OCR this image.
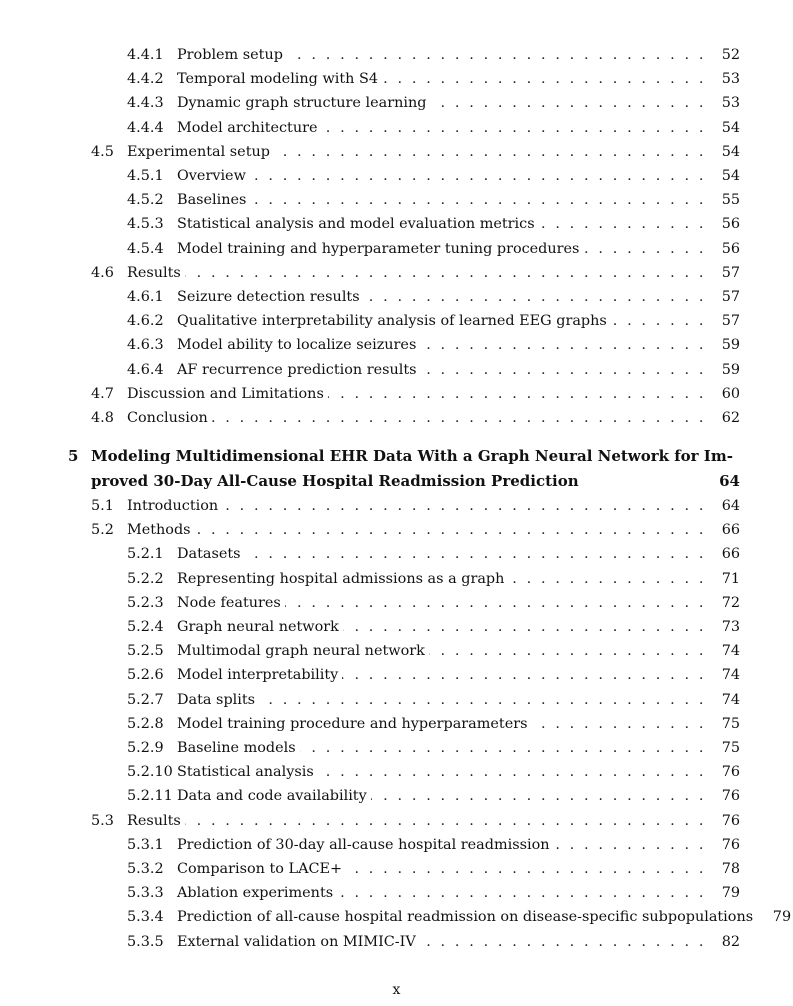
4.4.1 Problem setup . . .	52
4.4.2 Temporal modeling with S4 . . .	53
4.4.3 Dynamic graph structure learning . . .	53
4.4.4 Model architecture . . .	54
4.5 Experimental setup . . .	54
4.5.1 Overview . . .	54
4.5.2 Baselines . . .	55
4.5.3 Statistical analysis and model evaluation metrics . . .	56
4.5.4 Model training and hyperparameter tuning procedures . . .	56
4.6 Results . . .	57
4.6.1 Seizure detection results . . .	57
4.6.2 Qualitative interpretability analysis of learned EEG graphs . . .	57
4.6.3 Model ability to localize seizures . . .	59
4.6.4 AF recurrence prediction results . . .	59
4.7 Discussion and Limitations . . .	60
4.8 Conclusion . . .	62
5 Modeling Multidimensional EHR Data With a Graph Neural Network for Im-
proved 30-Day All-Cause Hospital Readmission Prediction	64
5.1 Introduction . . .	64
5.2 Methods . . .	66
5.2.1 Datasets . . .	66
5.2.2 Representing hospital admissions as a graph . . .	71
5.2.3 Node features . . .	72
5.2.4 Graph neural network . . .	73
5.2.5 Multimodal graph neural network . . .	74
5.2.6 Model interpretability . . .	74
5.2.7 Data splits . . .	74
5.2.8 Model training procedure and hyperparameters . . .	75
5.2.9 Baseline models . . .	75
5.2.10 Statistical analysis . . .	76
5.2.11 Data and code availability . . .	76
5.3 Results . . .	76
5.3.1 Prediction of 30-day all-cause hospital readmission . . .	76
5.3.2 Comparison to LACE+ . . .	78
5.3.3 Ablation experiments . . .	79
5.3.4 Prediction of all-cause hospital readmission on disease-specific subpopulations	79
5.3.5 External validation on MIMIC-IV . . .	82
x
